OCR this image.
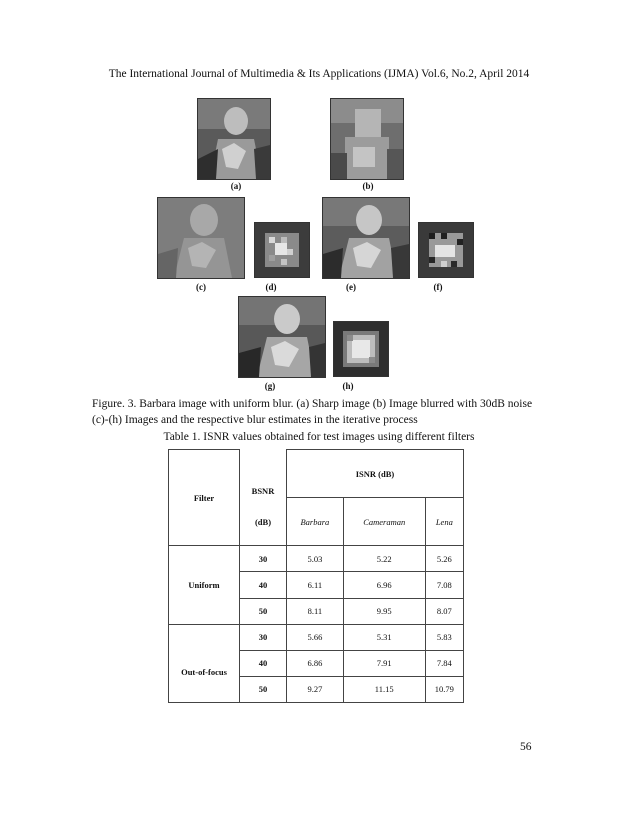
The International Journal of Multimedia & Its Applications (IJMA) Vol.6, No.2, April 2014
(a)	(b)
(c)	(d)	(e)	(f)
(g)	(h)
Figure. 3. Barbara image with uniform blur. (a) Sharp image (b) Image blurred with 30dB noise
(c)-(h) Images and the respective blur estimates in the iterative process
Table 1. ISNR values obtained for test images using different filters
Filter	BSNR	ISNR (dB)		
	(dB)	Barbara	Cameraman	Lena
Uniform	30	5.03	5.22	5.26
	40	6.11	6.96	7.08
	50	8.11	9.95	8.07
Out-of-focus	30	5.66	5.31	5.83
	40	6.86	7.91	7.84
	50	9.27	11.15	10.79
56
